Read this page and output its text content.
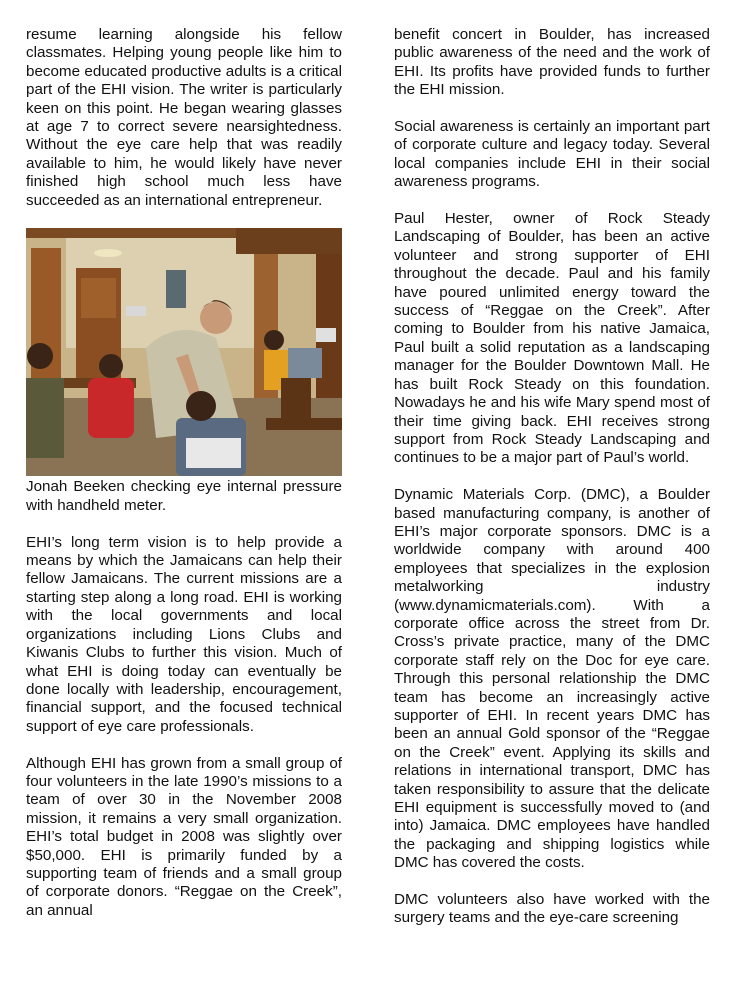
resume learning alongside his fellow classmates. Helping young people like him to become educated productive adults is a critical part of the EHI vision. The writer is particularly keen on this point. He began wearing glasses at age 7 to correct severe nearsightedness. Without the eye care help that was readily available to him, he would likely have never finished high school much less have succeeded as an international entrepreneur.

Jonah Beeken checking eye internal pressure with handheld meter.

EHI’s long term vision is to help provide a means by which the Jamaicans can help their fellow Jamaicans. The current missions are a starting step along a long road. EHI is working with the local governments and local organizations including Lions Clubs and Kiwanis Clubs to further this vision. Much of what EHI is doing today can eventually be done locally with leadership, encouragement, financial support, and the focused technical support of eye care professionals.

Although EHI has grown from a small group of four volunteers in the late 1990’s missions to a team of over 30 in the November 2008 mission, it remains a very small organization. EHI’s total budget in 2008 was slightly over $50,000. EHI is primarily funded by a supporting team of friends and a small group of corporate donors. “Reggae on the Creek”, an annual

benefit concert in Boulder, has increased public awareness of the need and the work of EHI. Its profits have provided funds to further the EHI mission.

Social awareness is certainly an important part of corporate culture and legacy today. Several local companies include EHI in their social awareness programs.

Paul Hester, owner of Rock Steady Landscaping of Boulder, has been an active volunteer and strong supporter of EHI throughout the decade. Paul and his family have poured unlimited energy toward the success of “Reggae on the Creek”. After coming to Boulder from his native Jamaica, Paul built a solid reputation as a landscaping manager for the Boulder Downtown Mall. He has built Rock Steady on this foundation. Nowadays he and his wife Mary spend most of their time giving back. EHI receives strong support from Rock Steady Landscaping and continues to be a major part of Paul’s world.

Dynamic Materials Corp. (DMC), a Boulder based manufacturing company, is another of EHI’s major corporate sponsors. DMC is a worldwide company with around 400 employees that specializes in the explosion metalworking industry (www.dynamicmaterials.com). With a corporate office across the street from Dr. Cross’s private practice, many of the DMC corporate staff rely on the Doc for eye care. Through this personal relationship the DMC team has become an increasingly active supporter of EHI. In recent years DMC has been an annual Gold sponsor of the “Reggae on the Creek” event. Applying its skills and relations in international transport, DMC has taken responsibility to assure that the delicate EHI equipment is successfully moved to (and into) Jamaica. DMC employees have handled the packaging and shipping logistics while DMC has covered the costs.

DMC volunteers also have worked with the surgery teams and the eye-care screening
